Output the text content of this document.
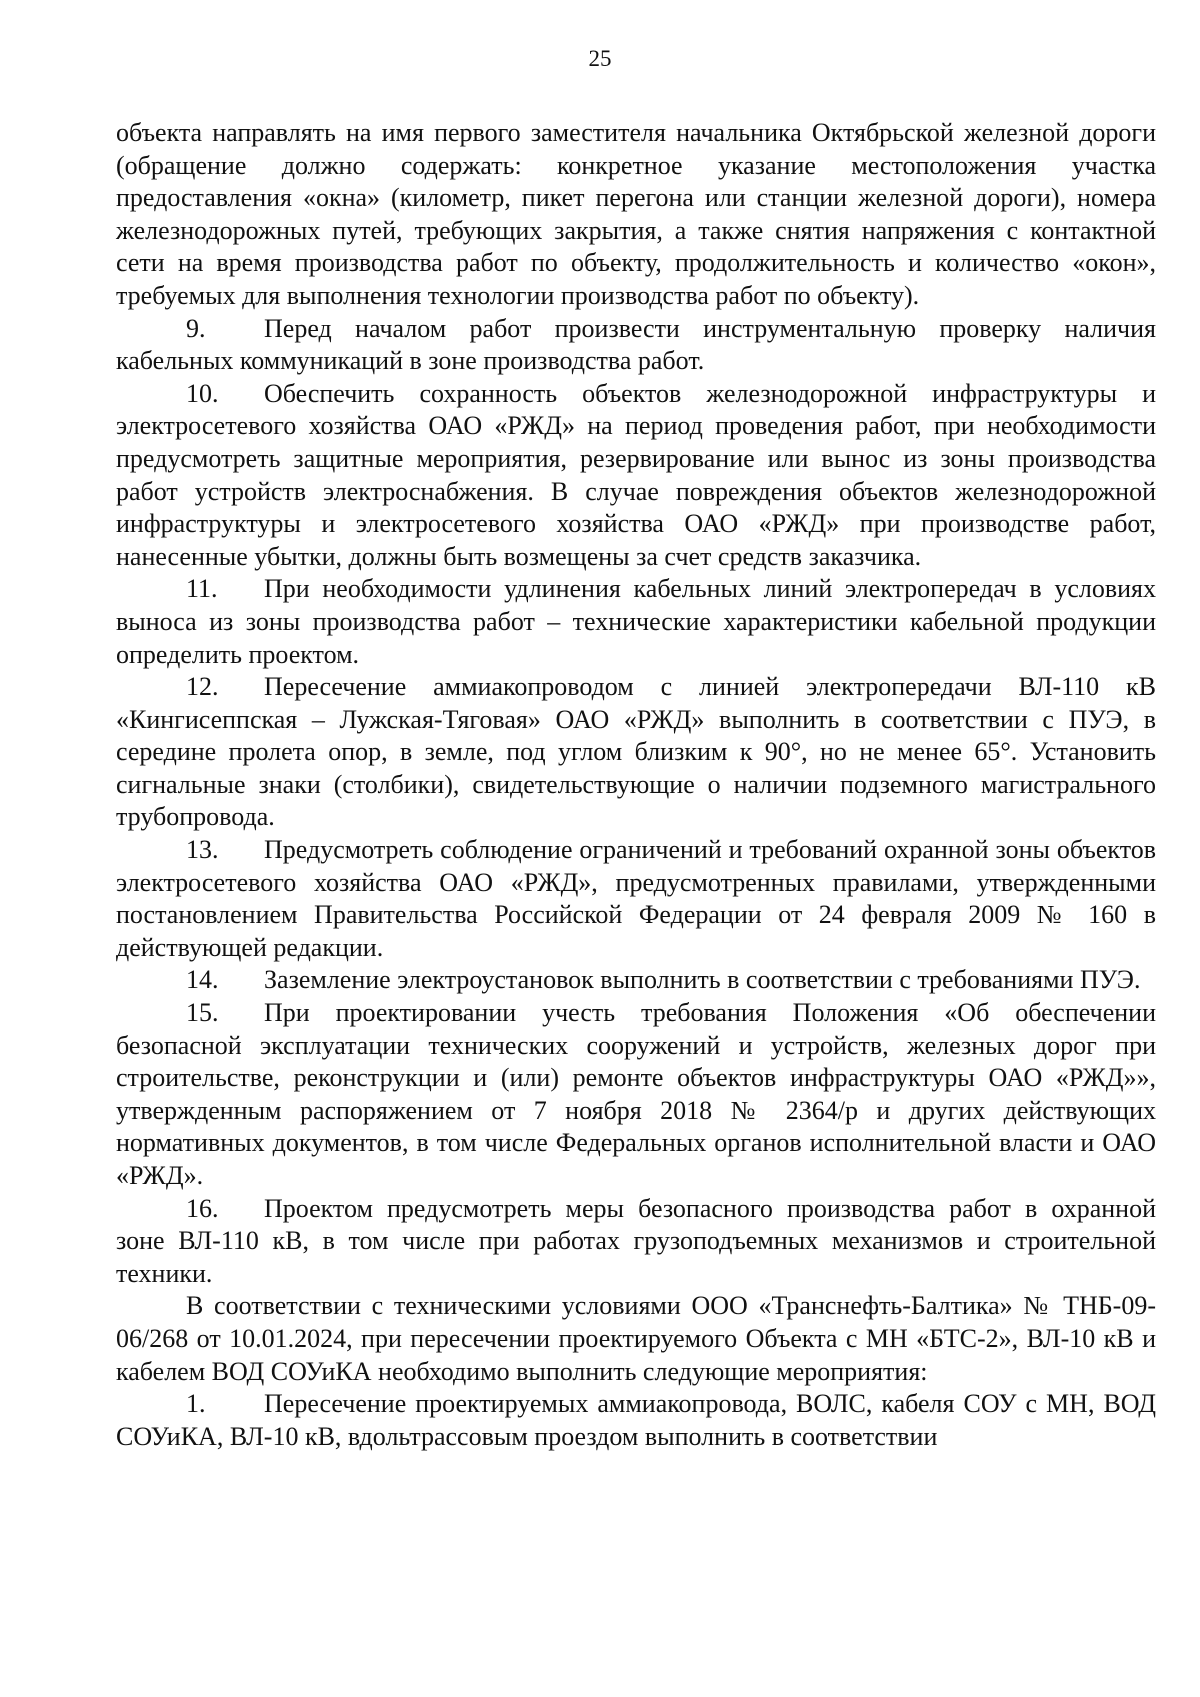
25

объекта направлять на имя первого заместителя начальника Октябрьской железной дороги (обращение должно содержать: конкретное указание местоположения участка предоставления «окна» (километр, пикет перегона или станции железной дороги), номера железнодорожных путей, требующих закрытия, а также снятия напряжения с контактной сети на время производства работ по объекту, продолжительность и количество «окон», требуемых для выполнения технологии производства работ по объекту).

9. Перед началом работ произвести инструментальную проверку наличия кабельных коммуникаций в зоне производства работ.

10. Обеспечить сохранность объектов железнодорожной инфраструктуры и электросетевого хозяйства ОАО «РЖД» на период проведения работ, при необходимости предусмотреть защитные мероприятия, резервирование или вынос из зоны производства работ устройств электроснабжения. В случае повреждения объектов железнодорожной инфраструктуры и электросетевого хозяйства ОАО «РЖД» при производстве работ, нанесенные убытки, должны быть возмещены за счет средств заказчика.

11. При необходимости удлинения кабельных линий электропередач в условиях выноса из зоны производства работ – технические характеристики кабельной продукции определить проектом.

12. Пересечение аммиакопроводом с линией электропередачи ВЛ-110 кВ «Кингисеппская – Лужская-Тяговая» ОАО «РЖД» выполнить в соответствии с ПУЭ, в середине пролета опор, в земле, под углом близким к 90°, но не менее 65°. Установить сигнальные знаки (столбики), свидетельствующие о наличии подземного магистрального трубопровода.

13. Предусмотреть соблюдение ограничений и требований охранной зоны объектов электросетевого хозяйства ОАО «РЖД», предусмотренных правилами, утвержденными постановлением Правительства Российской Федерации от 24 февраля 2009 № 160 в действующей редакции.

14. Заземление электроустановок выполнить в соответствии с требованиями ПУЭ.

15. При проектировании учесть требования Положения «Об обеспечении безопасной эксплуатации технических сооружений и устройств, железных дорог при строительстве, реконструкции и (или) ремонте объектов инфраструктуры ОАО «РЖД»», утвержденным распоряжением от 7 ноября 2018 № 2364/р и других действующих нормативных документов, в том числе Федеральных органов исполнительной власти и ОАО «РЖД».

16. Проектом предусмотреть меры безопасного производства работ в охранной зоне ВЛ-110 кВ, в том числе при работах грузоподъемных механизмов и строительной техники.

В соответствии с техническими условиями ООО «Транснефть-Балтика» № ТНБ-09-06/268 от 10.01.2024, при пересечении проектируемого Объекта с МН «БТС-2», ВЛ-10 кВ и кабелем ВОД СОУиКА необходимо выполнить следующие мероприятия:

1. Пересечение проектируемых аммиакопровода, ВОЛС, кабеля СОУ с МН, ВОД СОУиКА, ВЛ-10 кВ, вдольтрассовым проездом выполнить в соответствии
